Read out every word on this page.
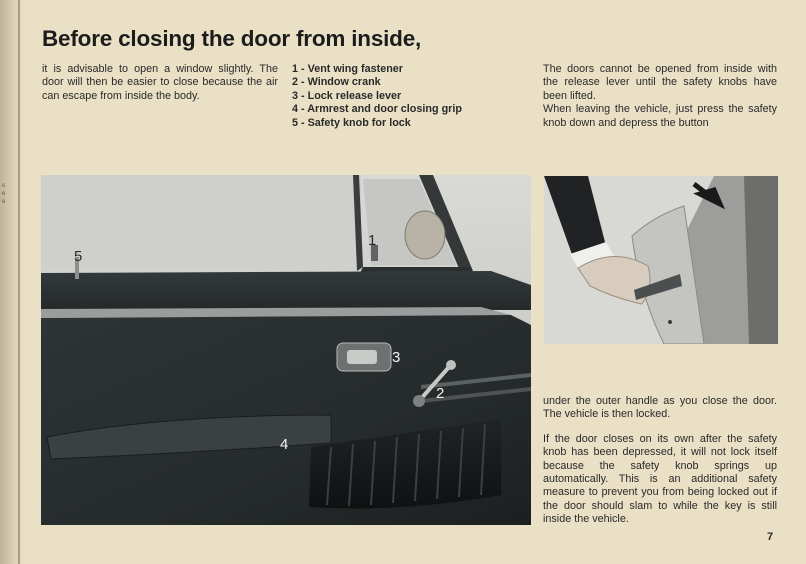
s
e
e
Before closing the door from inside,

it is advisable to open a window slightly. The door will then be easier to close because the air can escape from inside the body.

1 - Vent wing fastener
2 - Window crank
3 - Lock release lever
4 - Armrest and door closing grip
5 - Safety knob for lock

The doors cannot be opened from inside with the release lever until the safety knobs have been lifted.

When leaving the vehicle, just press the safety knob down and depress the button

1
2
3
4
5

under the outer handle as you close the door. The vehicle is then locked.

If the door closes on its own after the safety knob has been depressed, it will not lock itself because the safety knob springs up automatically. This is an additional safety measure to prevent you from being locked out if the door should slam to while the key is still inside the vehicle.

7
